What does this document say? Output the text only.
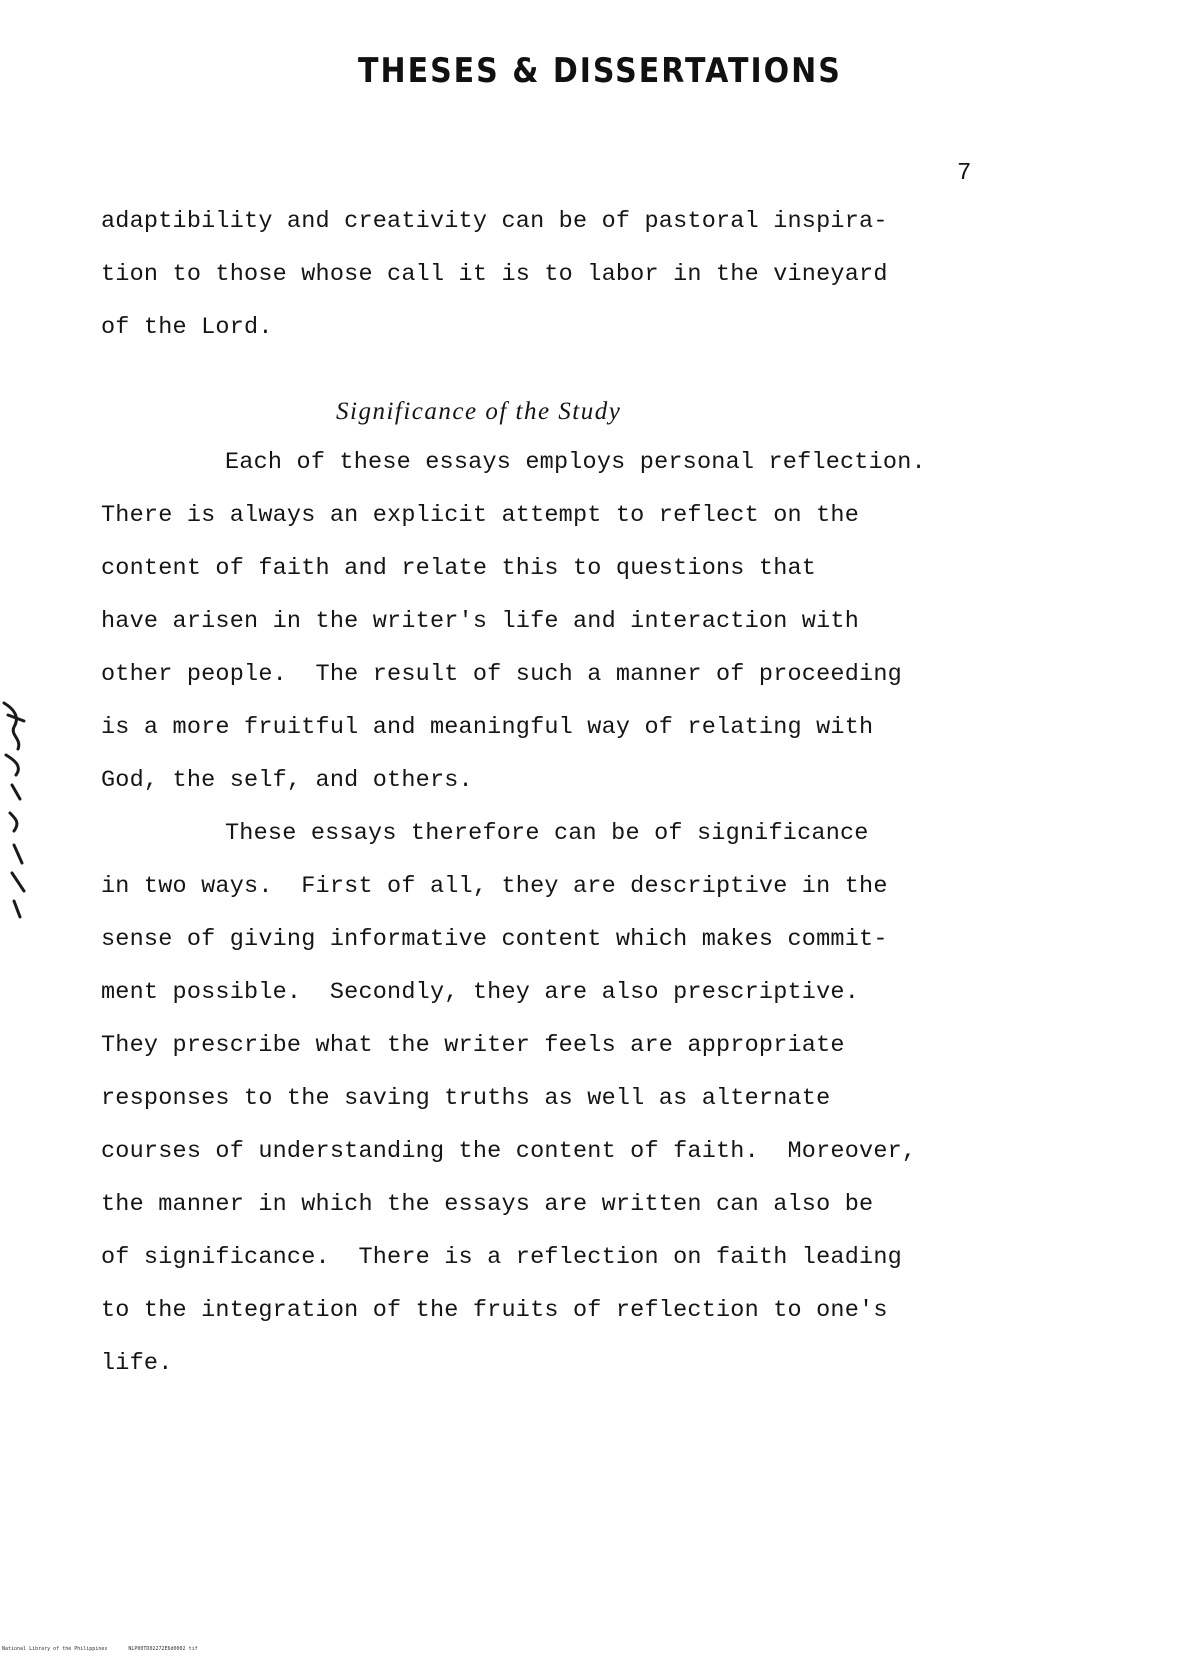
THESES & DISSERTATIONS
7
adaptibility and creativity can be of pastoral inspira-
tion to those whose call it is to labor in the vineyard
of the Lord.
Significance of the Study
Each of these essays employs personal reflection.
There is always an explicit attempt to reflect on the
content of faith and relate this to questions that
have arisen in the writer's life and interaction with
other people.  The result of such a manner of proceeding
is a more fruitful and meaningful way of relating with
God, the self, and others.
These essays therefore can be of significance
in two ways.  First of all, they are descriptive in the
sense of giving informative content which makes commit-
ment possible.  Secondly, they are also prescriptive.
They prescribe what the writer feels are appropriate
responses to the saving truths as well as alternate
courses of understanding the content of faith.  Moreover,
the manner in which the essays are written can also be
of significance.  There is a reflection on faith leading
to the integration of the fruits of reflection to one's
life.
National Library of the Philippines	NLP00TD02272E6d0002 tif
